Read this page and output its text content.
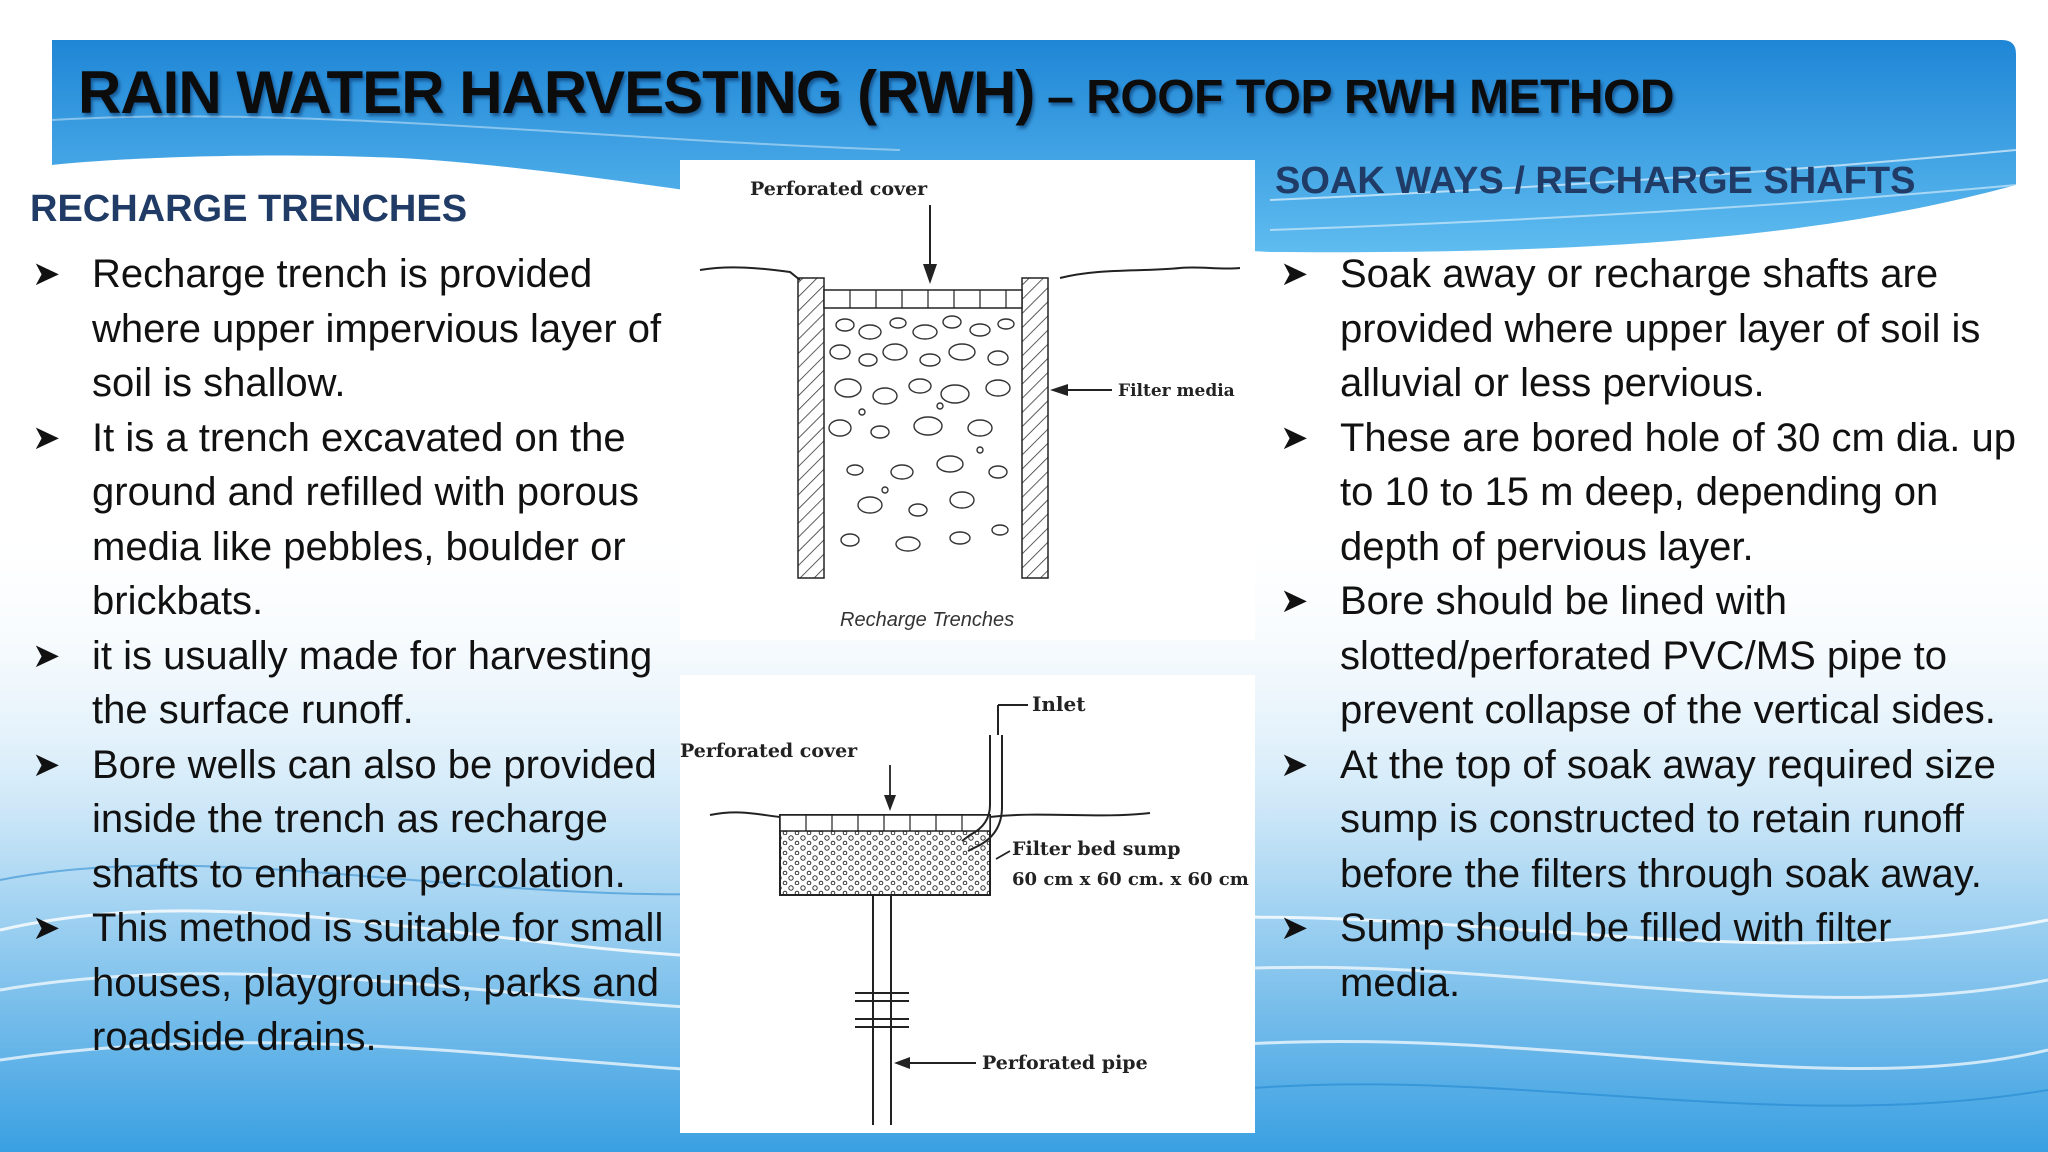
RAIN WATER HARVESTING (RWH) – ROOF TOP RWH METHOD
RECHARGE TRENCHES
➤ Recharge trench is provided where upper impervious layer of soil is shallow.
➤ It is a trench excavated on the ground and refilled with porous media like pebbles, boulder or brickbats.
➤ it is usually made for harvesting the surface runoff.
➤ Bore wells can also be provided inside the trench as recharge shafts to enhance percolation.
➤ This method is suitable for small houses, playgrounds, parks and roadside drains.
SOAK WAYS / RECHARGE SHAFTS
➤ Soak away or recharge shafts are provided where upper layer of soil is alluvial or less pervious.
➤ These are bored hole of 30 cm dia. up to 10 to 15 m deep, depending on depth of pervious layer.
➤ Bore should be lined with slotted/perforated PVC/MS pipe to prevent collapse of the vertical sides.
➤ At the top of soak away required size sump is constructed to retain runoff before the filters through soak away.
➤ Sump should be filled with filter media.
Perforated cover
Filter media
Recharge Trenches
Inlet
Perforated cover
Filter bed sump
60 cm x 60 cm. x 60 cm
Perforated pipe
